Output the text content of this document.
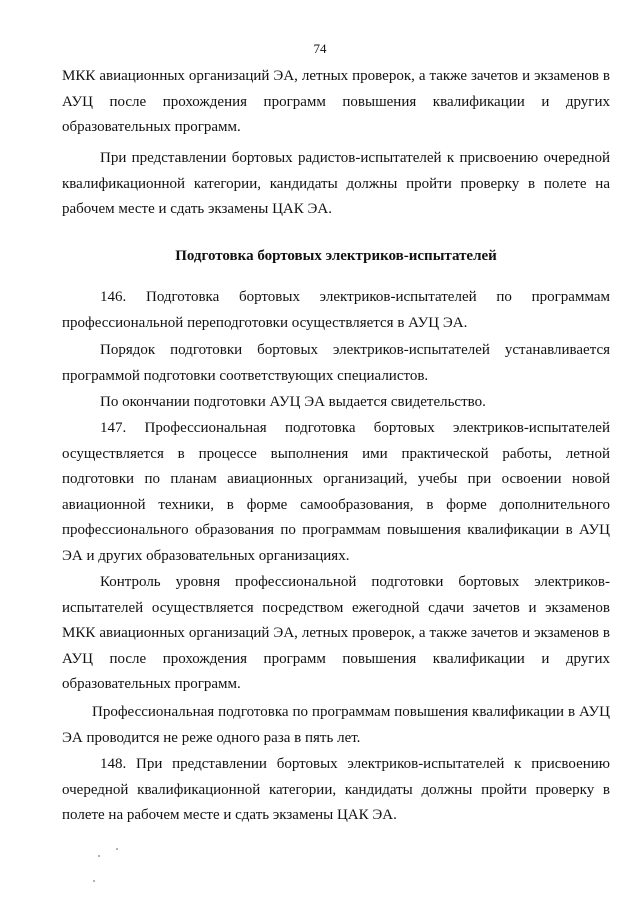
74
МКК авиационных организаций ЭА, летных проверок, а также зачетов и экзаменов в АУЦ после прохождения программ повышения квалификации и других образовательных программ.
При представлении бортовых радистов-испытателей к присвоению очередной квалификационной категории, кандидаты должны пройти проверку в полете на рабочем месте и сдать экзамены ЦАК ЭА.
Подготовка бортовых электриков-испытателей
146. Подготовка бортовых электриков-испытателей по программам профессиональной переподготовки осуществляется в АУЦ ЭА.
Порядок подготовки бортовых электриков-испытателей устанавливается программой подготовки соответствующих специалистов.
По окончании подготовки АУЦ ЭА выдается свидетельство.
147. Профессиональная подготовка бортовых электриков-испытателей осуществляется в процессе выполнения ими практической работы, летной подготовки по планам авиационных организаций, учебы при освоении новой авиационной техники, в форме самообразования, в форме дополнительного профессионального образования по программам повышения квалификации в АУЦ ЭА и других образовательных организациях.
Контроль уровня профессиональной подготовки бортовых электриков-испытателей осуществляется посредством ежегодной сдачи зачетов и экзаменов МКК авиационных организаций ЭА, летных проверок, а также зачетов и экзаменов в АУЦ после прохождения программ повышения квалификации и других образовательных программ.
Профессиональная подготовка по программам повышения квалификации в АУЦ ЭА проводится не реже одного раза в пять лет.
148. При представлении бортовых электриков-испытателей к присвоению очередной квалификационной категории, кандидаты должны пройти проверку в полете на рабочем месте и сдать экзамены ЦАК ЭА.
